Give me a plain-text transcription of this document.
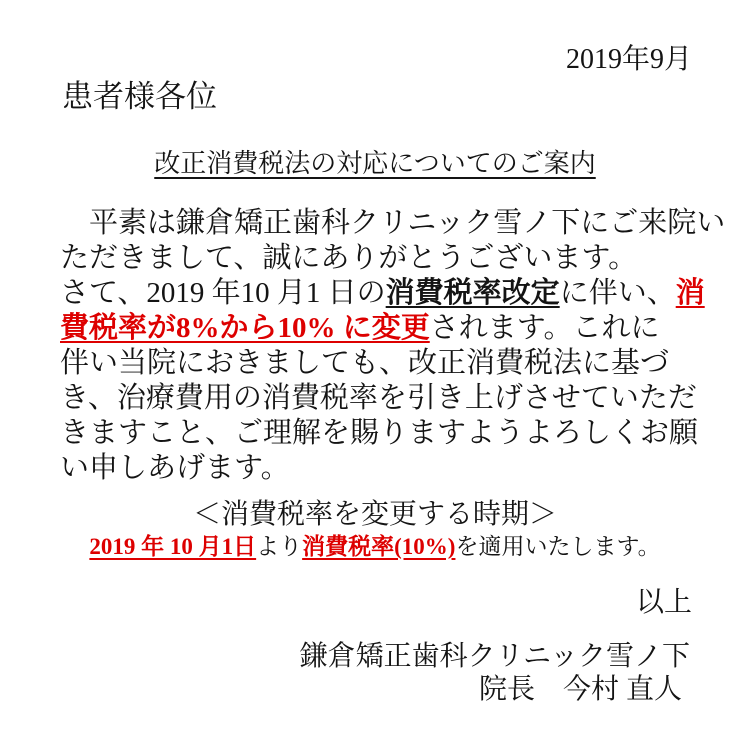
2019年9月
患者様各位
改正消費税法の対応についてのご案内
　平素は鎌倉矯正歯科クリニック雪ノ下にご来院い
ただきまして、誠にありがとうございます。
さて、2019 年10 月1 日の消費税率改定に伴い、消
費税率が8%から10% に変更されます。これに
伴い当院におきましても、改正消費税法に基づ
き、治療費用の消費税率を引き上げさせていただ
きますこと、ご理解を賜りますようよろしくお願
い申しあげます。
＜消費税率を変更する時期＞
2019 年 10 月1日より消費税率(10%)を適用いたします。
以上
鎌倉矯正歯科クリニック雪ノ下
院長　今村 直人
